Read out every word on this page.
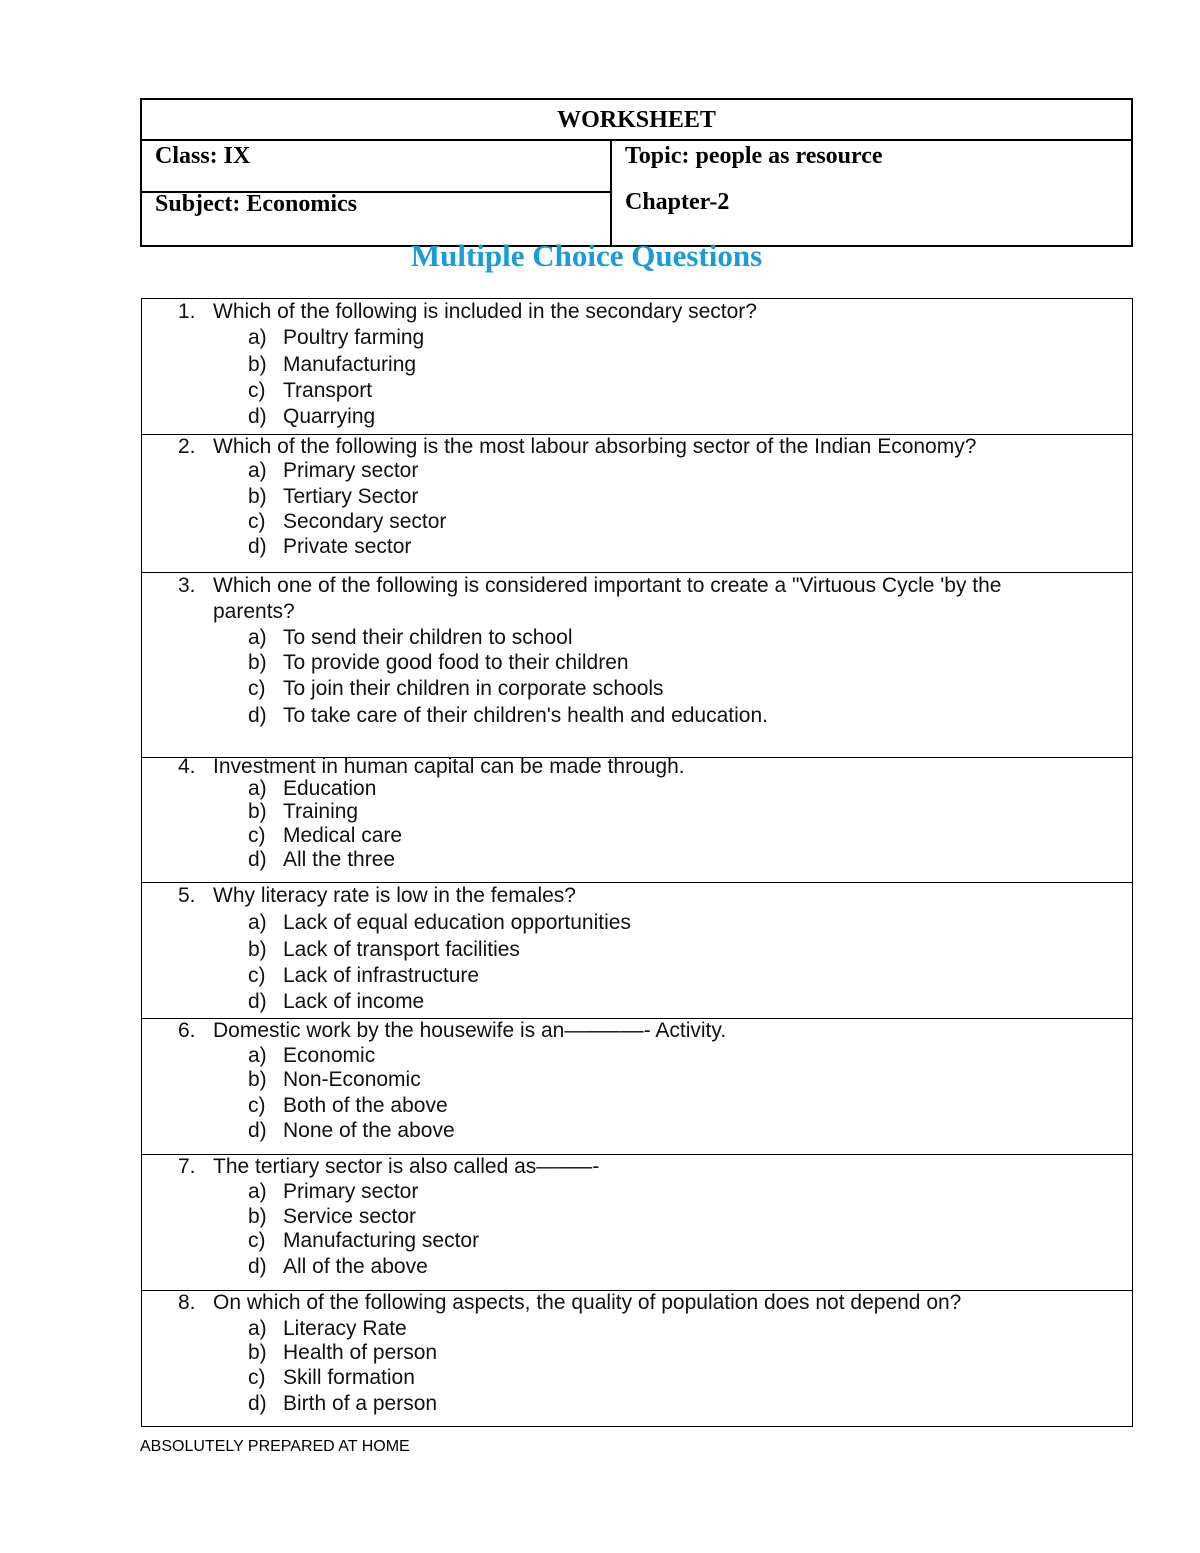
WORKSHEET
Class: IX
Subject: Economics
Topic: people as resource
Chapter-2
Multiple Choice Questions
1. Which of the following is included in the secondary sector?
a) Poultry farming
b) Manufacturing
c) Transport
d) Quarrying
2. Which of the following is the most labour absorbing sector of the Indian Economy?
a) Primary sector
b) Tertiary Sector
c) Secondary sector
d) Private sector
3. Which one of the following is considered important to create a "Virtuous Cycle 'by the
parents?
a) To send their children to school
b) To provide good food to their children
c) To join their children in corporate schools
d) To take care of their children's health and education.
4. Investment in human capital can be made through.
a) Education
b) Training
c) Medical care
d) All the three
5. Why literacy rate is low in the females?
a) Lack of equal education opportunities
b) Lack of transport facilities
c) Lack of infrastructure
d) Lack of income
6. Domestic work by the housewife is an—–––––- Activity.
a) Economic
b) Non-Economic
c) Both of the above
d) None of the above
7. The tertiary sector is also called as—–––-
a) Primary sector
b) Service sector
c) Manufacturing sector
d) All of the above
8. On which of the following aspects, the quality of population does not depend on?
a) Literacy Rate
b) Health of person
c) Skill formation
d) Birth of a person
ABSOLUTELY PREPARED AT HOME
